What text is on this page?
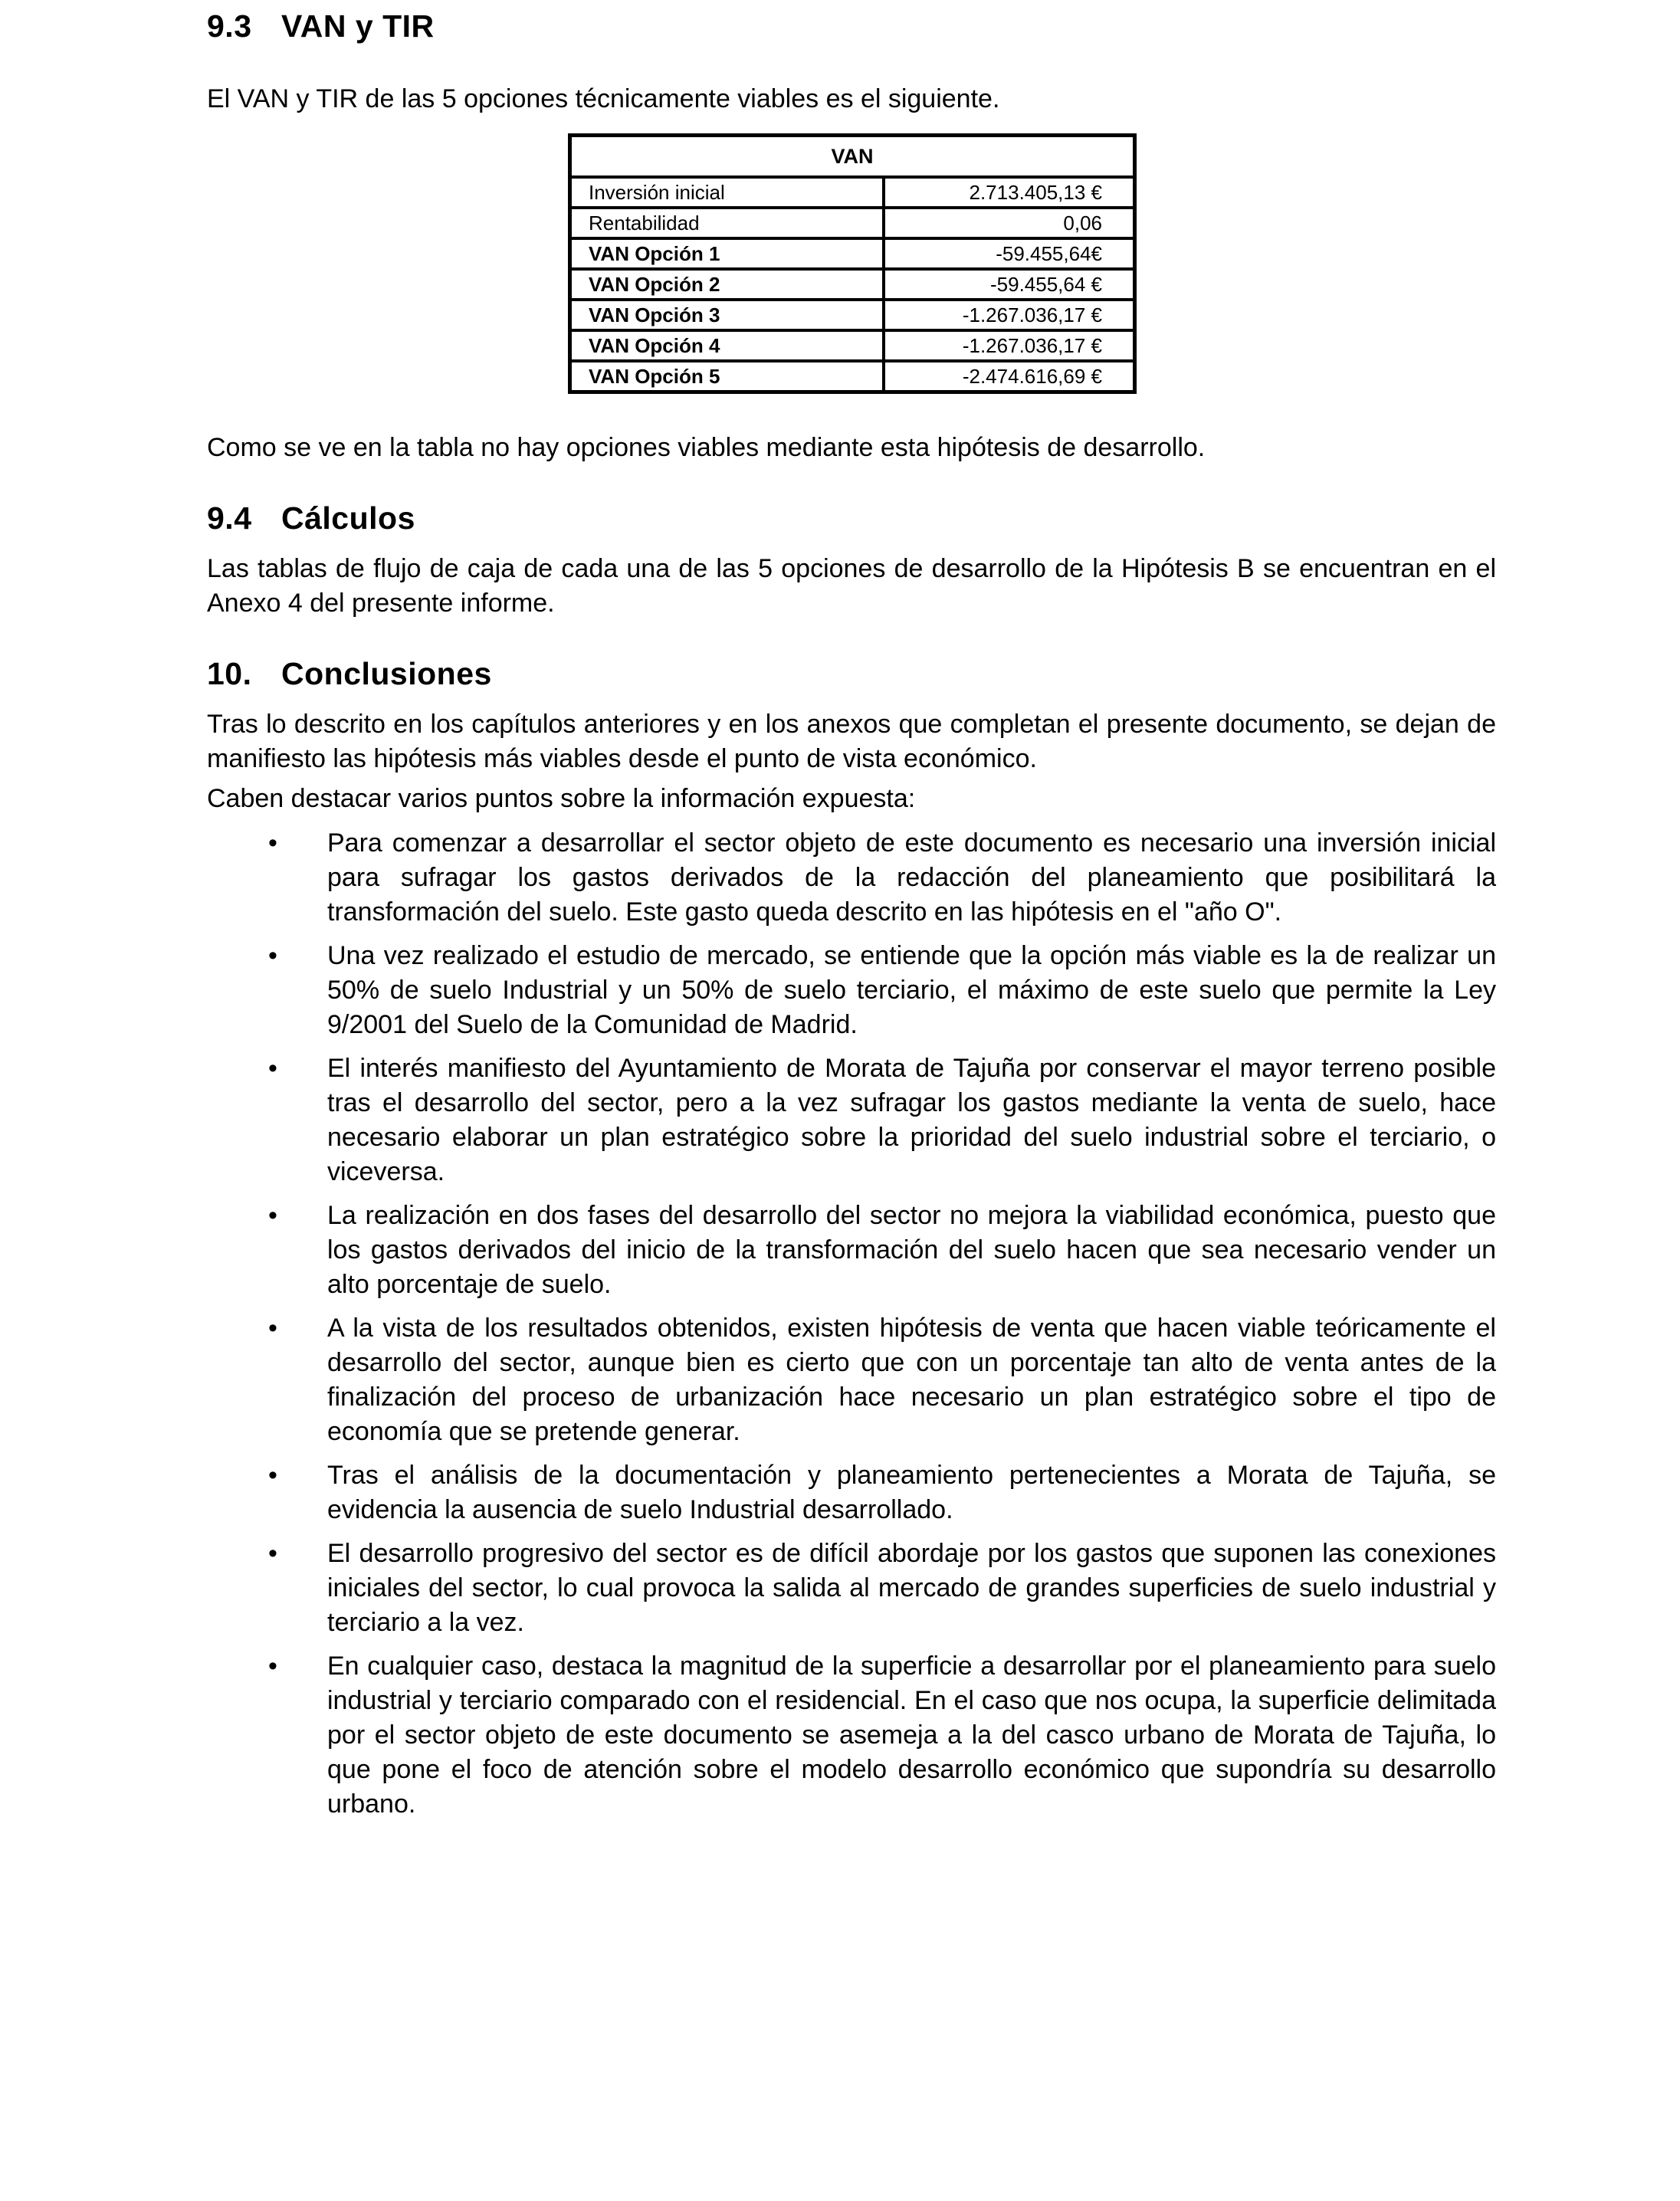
9.3 VAN y TIR

El VAN y TIR de las 5 opciones técnicamente viables es el siguiente.

VAN	
Inversión inicial	2.713.405,13 €
Rentabilidad	0,06
VAN Opción 1	-59.455,64€
VAN Opción 2	-59.455,64 €
VAN Opción 3	-1.267.036,17 €
VAN Opción 4	-1.267.036,17 €
VAN Opción 5	-2.474.616,69 €

Como se ve en la tabla no hay opciones viables mediante esta hipótesis de desarrollo.

9.4 Cálculos

Las tablas de flujo de caja de cada una de las 5 opciones de desarrollo de la Hipótesis B se encuentran en el Anexo 4 del presente informe.

10. Conclusiones

Tras lo descrito en los capítulos anteriores y en los anexos que completan el presente documento, se dejan de manifiesto las hipótesis más viables desde el punto de vista económico.

Caben destacar varios puntos sobre la información expuesta:

• Para comenzar a desarrollar el sector objeto de este documento es necesario una inversión inicial para sufragar los gastos derivados de la redacción del planeamiento que posibilitará la transformación del suelo. Este gasto queda descrito en las hipótesis en el "año O".
• Una vez realizado el estudio de mercado, se entiende que la opción más viable es la de realizar un 50% de suelo Industrial y un 50% de suelo terciario, el máximo de este suelo que permite la Ley 9/2001 del Suelo de la Comunidad de Madrid.
• El interés manifiesto del Ayuntamiento de Morata de Tajuña por conservar el mayor terreno posible tras el desarrollo del sector, pero a la vez sufragar los gastos mediante la venta de suelo, hace necesario elaborar un plan estratégico sobre la prioridad del suelo industrial sobre el terciario, o viceversa.
• La realización en dos fases del desarrollo del sector no mejora la viabilidad económica, puesto que los gastos derivados del inicio de la transformación del suelo hacen que sea necesario vender un alto porcentaje de suelo.
• A la vista de los resultados obtenidos, existen hipótesis de venta que hacen viable teóricamente el desarrollo del sector, aunque bien es cierto que con un porcentaje tan alto de venta antes de la finalización del proceso de urbanización hace necesario un plan estratégico sobre el tipo de economía que se pretende generar.
• Tras el análisis de la documentación y planeamiento pertenecientes a Morata de Tajuña, se evidencia la ausencia de suelo Industrial desarrollado.
• El desarrollo progresivo del sector es de difícil abordaje por los gastos que suponen las conexiones iniciales del sector, lo cual provoca la salida al mercado de grandes superficies de suelo industrial y terciario a la vez.
• En cualquier caso, destaca la magnitud de la superficie a desarrollar por el planeamiento para suelo industrial y terciario comparado con el residencial. En el caso que nos ocupa, la superficie delimitada por el sector objeto de este documento se asemeja a la del casco urbano de Morata de Tajuña, lo que pone el foco de atención sobre el modelo desarrollo económico que supondría su desarrollo urbano.
